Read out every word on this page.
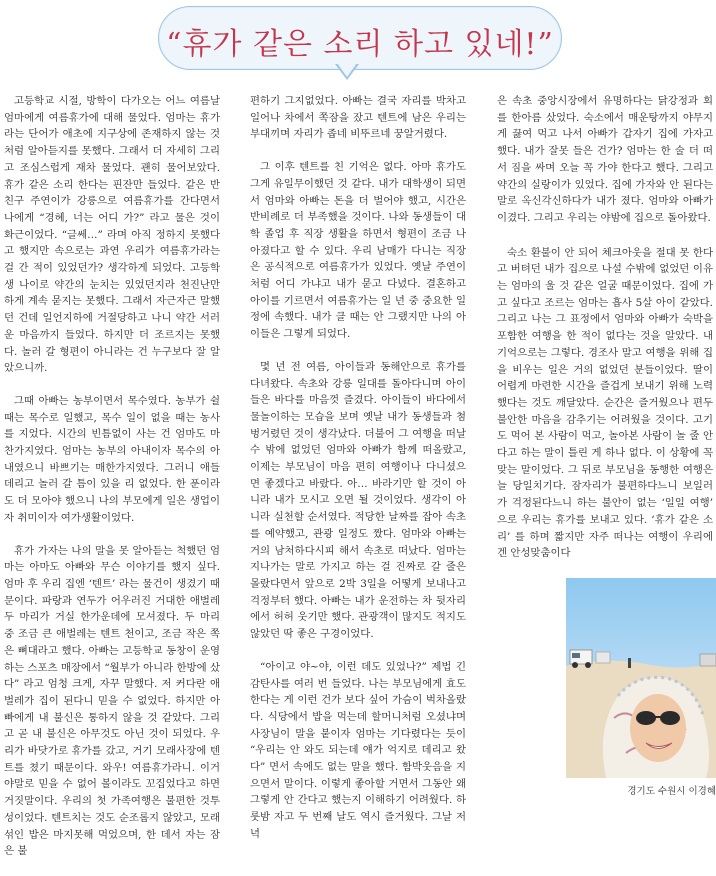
“휴가 같은 소리 하고 있네!”

고등학교 시절, 방학이 다가오는 어느 여름날 엄마에게 여름휴가에 대해 물었다. 엄마는 휴가라는 단어가 애초에 지구상에 존재하지 않는 것처럼 알아듣지를 못했다. 그래서 더 자세히 그리고 조심스럽게 재차 물었다. 괜히 물어보았다. 휴가 같은 소리 한다는 핀잔만 들었다. 같은 반 친구 주연이가 강릉으로 여름휴가를 간다면서 나에게 “경혜, 너는 어디 가?” 라고 물은 것이 화근이었다. “글쎄…” 라며 아직 정하지 못했다고 했지만 속으로는 과연 우리가 여름휴가라는 걸 간 적이 있었던가? 생각하게 되었다. 고등학생 나이로 약간의 눈치는 있었던지라 천진난만하게 계속 묻지는 못했다. 그래서 자근자근 말했던 건데 일언지하에 거절당하고 나니 약간 서러운 마음까지 들었다. 하지만 더 조르지는 못했다. 놀러 갈 형편이 아니라는 건 누구보다 잘 알았으니까.

그때 아빠는 농부이면서 목수였다. 농부가 쉴 때는 목수로 일했고, 목수 일이 없을 때는 농사를 지었다. 시간의 빈틈없이 사는 건 엄마도 마찬가지였다. 엄마는 농부의 아내이자 목수의 아내였으니 바쁘기는 매한가지였다. 그러니 애들 데리고 놀러 갈 틈이 있을 리 없었다. 한 푼이라도 더 모아야 했으니 나의 부모에게 일은 생업이자 취미이자 여가생활이었다.

휴가 가자는 나의 말을 못 알아듣는 척했던 엄마는 아마도 아빠와 무슨 이야기를 했지 싶다. 엄마 후 우리 집엔 ‘텐트’ 라는 물건이 생겼기 때문이다. 파랑과 연두가 어우러진 거대한 애벌레 두 마리가 거실 한가운데에 모셔졌다. 두 마리 중 조금 큰 애벌레는 텐트 천이고, 조금 작은 쪽은 뼈대라고 했다. 아빠는 고등학교 동창이 운영하는 스포츠 매장에서 “월부가 아니라 한방에 샀다” 라고 엄청 크게, 자꾸 말했다. 저 커다란 애벌레가 집이 된다니 믿을 수 없었다. 하지만 아빠에게 내 불신은 통하지 않을 것 같았다. 그리고 곧 내 불신은 아무것도 아닌 것이 되었다. 우리가 바닷가로 휴가를 갔고, 거기 모래사장에 텐트를 쳤기 때문이다. 와우! 여름휴가라니. 이거야말로 믿을 수 없어 볼이라도 꼬집었다고 하면 거짓말이다. 우리의 첫 가족여행은 불편한 것투성이었다. 텐트치는 것도 순조롭지 않았고, 모래 섞인 밥은 마지못해 먹었으며, 한 데서 자는 잠은 불

편하기 그지없었다. 아빠는 결국 자리를 박차고 일어나 차에서 쪽잠을 잤고 텐트에 남은 우리는 부대끼며 자리가 좁네 비뚜르네 꿍알거렸다.

그 이후 텐트를 친 기억은 없다. 아마 휴가도 그게 유일무이했던 것 같다. 내가 대학생이 되면서 엄마와 아빠는 돈을 더 벌어야 했고, 시간은 반비례로 더 부족했을 것이다. 나와 동생들이 대학 졸업 후 직장 생활을 하면서 형편이 조금 나아졌다고 할 수 있다. 우리 남매가 다니는 직장은 공식적으로 여름휴가가 있었다. 옛날 주연이처럼 어디 가냐고 내가 묻고 다녔다. 결혼하고 아이를 기르면서 여름휴가는 일 년 중 중요한 일정에 속했다. 내가 클 때는 안 그랬지만 나의 아이들은 그렇게 되었다.

몇 년 전 여름, 아이들과 동해안으로 휴가를 다녀왔다. 속초와 강릉 일대를 돌아다니며 아이들은 바다를 마음껏 즐겼다. 아이들이 바다에서 물놀이하는 모습을 보며 옛날 내가 동생들과 첨벙거렸던 것이 생각났다. 더불어 그 여행을 떠날 수 밖에 없었던 엄마와 아빠가 함께 떠올랐고, 이제는 부모님이 마음 편히 여행이나 다니셨으면 좋겠다고 바랐다. 아… 바라기만 할 것이 아니라 내가 모시고 오면 될 것이었다. 생각이 아니라 실천할 순서였다. 적당한 날짜를 잡아 속초를 예약했고, 관광 일정도 짰다. 엄마와 아빠는 거의 남처하다시피 해서 속초로 떠났다. 엄마는 지나가는 말로 가지고 하는 걸 진짜로 갈 줄은 몰랐다면서 앞으로 2박 3일을 어떻게 보내나고 걱정부터 했다. 아빠는 내가 운전하는 차 뒷자리에서 허허 웃기만 했다. 관광객이 많지도 적지도 않았던 딱 좋은 구경이었다.

“아이고 야~야, 이런 데도 있었나?” 제법 긴 감탄사를 여러 번 들었다. 나는 부모님에게 효도한다는 게 이런 건가 보다 싶어 가슴이 벅차올랐다. 식당에서 밥을 먹는데 할머니처럼 오셨냐며 사장님이 말을 붙이자 엄마는 기다렸다는 듯이 “우리는 안 와도 되는데 얘가 억지로 데리고 왔다” 면서 속에도 없는 말을 했다. 함박웃음을 지으면서 말이다. 이렇게 좋아할 거면서 그동안 왜 그렇게 안 간다고 했는지 이해하기 어려웠다. 하룻밤 자고 두 번째 날도 역시 즐거웠다. 그날 저녁

은 속초 중앙시장에서 유명하다는 닭강정과 회를 한아름 샀었다. 숙소에서 매운탕까지 야무지게 끓여 먹고 나서 아빠가 갑자기 집에 가자고 했다. 내가 잘못 들은 건가? 엄마는 한 술 더 떠서 짐을 싸며 오늘 꼭 가야 한다고 했다. 그리고 약간의 실랑이가 있었다. 집에 가자와 안 된다는 말로 옥신각신하다가 내가 졌다. 엄마와 아빠가 이겼다. 그리고 우리는 야밤에 집으로 돌아왔다.

숙소 환불이 안 되어 체크아웃을 절대 못 한다고 버텨던 내가 집으로 나설 수밖에 없었던 이유는 엄마의 울 것 같은 얼굴 때문이었다. 집에 가고 싶다고 조르는 엄마는 흡사 5살 아이 같았다. 그리고 나는 그 표정에서 엄마와 아빠가 숙박을 포함한 여행을 한 적이 없다는 것을 알았다. 내 기억으로는 그렇다. 경조사 말고 여행을 위해 집을 비우는 일은 거의 없었던 분들이었다. 딸이 어렵게 마련한 시간을 즐겁게 보내기 위해 노력했다는 것도 깨달았다. 순간은 즐거웠으나 편두 불안한 마음을 감추기는 어려웠을 것이다. 고기도 먹어 본 사람이 먹고, 놀아본 사람이 놀 줄 안다고 하는 말이 틀린 게 하나 없다. 이 상황에 꼭 맞는 말이었다. 그 뒤로 부모님을 동행한 여행은 늘 당일치기다. 잠자리가 불편하다느니 보일러가 걱정된다느니 하는 불안이 없는 ‘일일 여행’ 으로 우리는 휴가를 보내고 있다. ‘휴가 같은 소리’ 를 하며 짧지만 자주 떠나는 여행이 우리에겐 안성맞춤이다

경기도 수원시 이경혜
